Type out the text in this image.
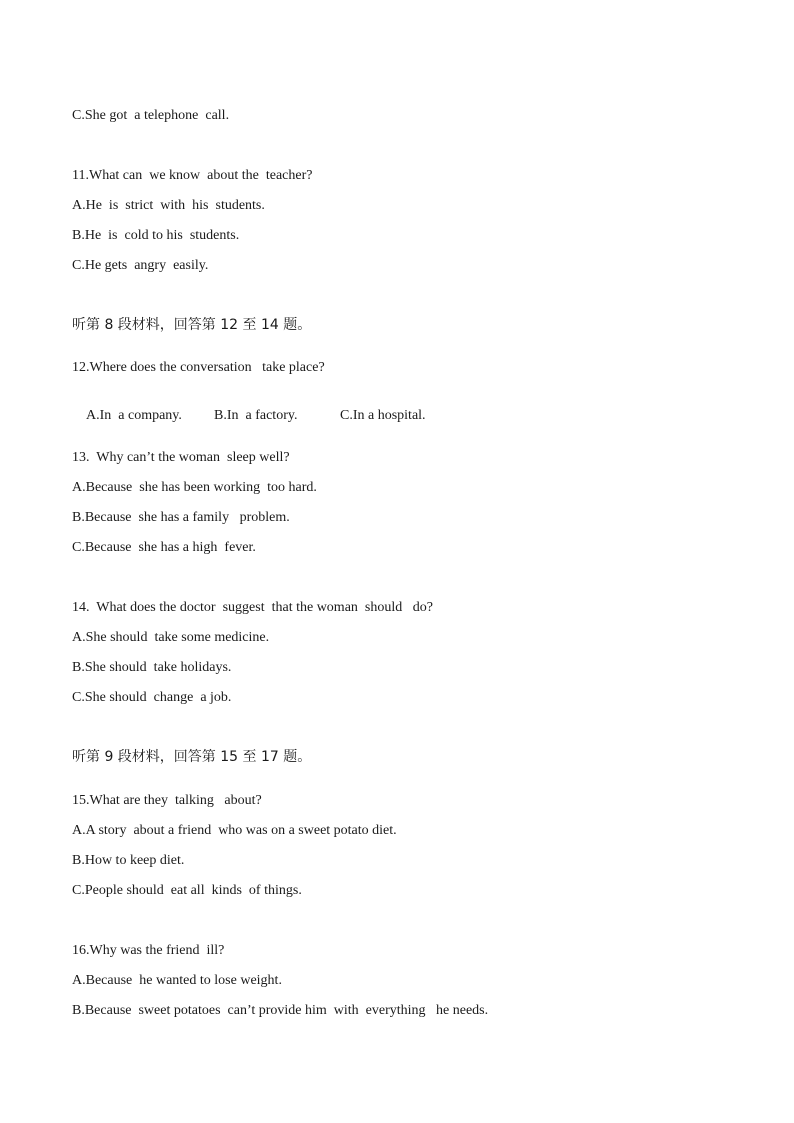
C.She got  a telephone  call.
11.What can  we know  about the  teacher?
A.He  is  strict  with  his  students.
B.He  is  cold to his  students.
C.He gets  angry  easily.
听第 8 段材料，回答第 12 至 14 题。
12.Where does the conversation   take place?

A.In  a company. B.In  a factory.	C.In a hospital.

13.  Why can’t the woman  sleep well?
A.Because  she has been working  too hard.
B.Because  she has a family   problem.
C.Because  she has a high  fever.
14.  What does the doctor  suggest  that the woman  should   do?
A.She should  take some medicine.
B.She should  take holidays.
C.She should  change  a job.
听第 9 段材料，回答第 15 至 17 题。
15.What are they  talking   about?
A.A story  about a friend  who was on a sweet potato diet.
B.How to keep diet.
C.People should  eat all  kinds  of things.
16.Why was the friend  ill?
A.Because  he wanted to lose weight.
B.Because  sweet potatoes  can’t provide him  with  everything   he needs.
